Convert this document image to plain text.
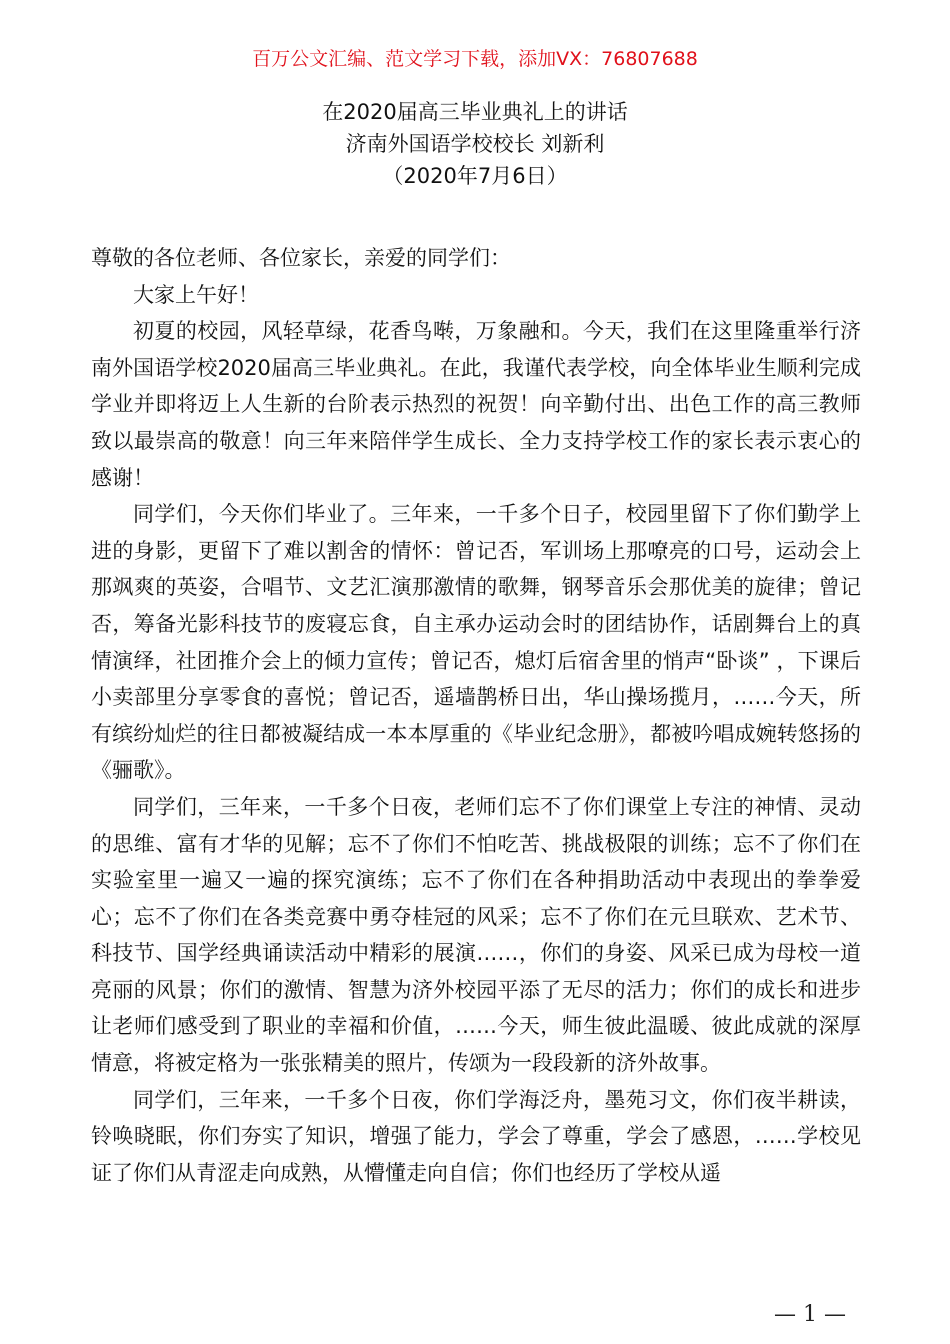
百万公文汇编、范文学习下载，添加VX：76807688
在2020届高三毕业典礼上的讲话
济南外国语学校校长 刘新利
（2020年7月6日）

尊敬的各位老师、各位家长，亲爱的同学们：

大家上午好！

初夏的校园，风轻草绿，花香鸟啭，万象融和。今天，我们在这里隆重举行济南外国语学校2020届高三毕业典礼。在此，我谨代表学校，向全体毕业生顺利完成学业并即将迈上人生新的台阶表示热烈的祝贺！向辛勤付出、出色工作的高三教师致以最崇高的敬意！向三年来陪伴学生成长、全力支持学校工作的家长表示衷心的感谢！

同学们，今天你们毕业了。三年来，一千多个日子，校园里留下了你们勤学上进的身影，更留下了难以割舍的情怀：曾记否，军训场上那嘹亮的口号，运动会上那飒爽的英姿，合唱节、文艺汇演那激情的歌舞，钢琴音乐会那优美的旋律；曾记否，筹备光影科技节的废寝忘食，自主承办运动会时的团结协作，话剧舞台上的真情演绎，社团推介会上的倾力宣传；曾记否，熄灯后宿舍里的悄声“卧谈” ，下课后小卖部里分享零食的喜悦；曾记否，遥墙鹊桥日出，华山操场揽月，……今天，所有缤纷灿烂的往日都被凝结成一本本厚重的《毕业纪念册》，都被吟唱成婉转悠扬的《骊歌》。

同学们，三年来，一千多个日夜，老师们忘不了你们课堂上专注的神情、灵动的思维、富有才华的见解；忘不了你们不怕吃苦、挑战极限的训练；忘不了你们在实验室里一遍又一遍的探究演练；忘不了你们在各种捐助活动中表现出的拳拳爱心；忘不了你们在各类竞赛中勇夺桂冠的风采；忘不了你们在元旦联欢、艺术节、科技节、国学经典诵读活动中精彩的展演……，你们的身姿、风采已成为母校一道亮丽的风景；你们的激情、智慧为济外校园平添了无尽的活力；你们的成长和进步让老师们感受到了职业的幸福和价值，……今天，师生彼此温暖、彼此成就的深厚情意，将被定格为一张张精美的照片，传颂为一段段新的济外故事。

同学们，三年来，一千多个日夜，你们学海泛舟，墨苑习文，你们夜半耕读，铃唤晓眠，你们夯实了知识，增强了能力，学会了尊重，学会了感恩，……学校见证了你们从青涩走向成熟，从懵懂走向自信；你们也经历了学校从遥

— 1 —
